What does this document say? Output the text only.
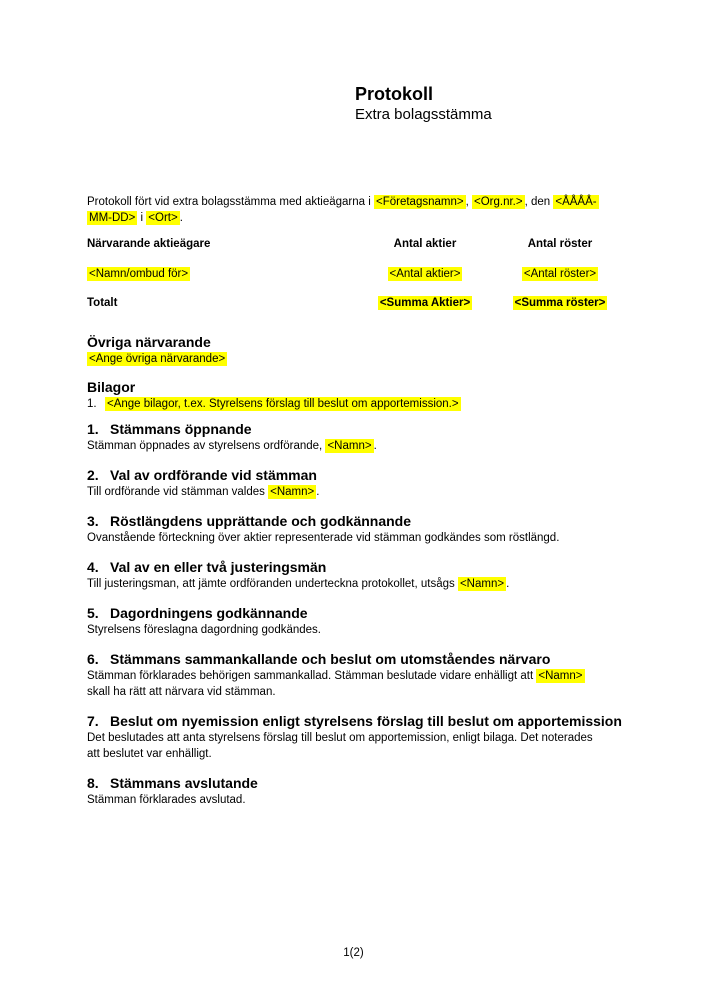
Protokoll
Extra bolagsstämma

Protokoll fört vid extra bolagsstämma med aktieägarna i <Företagsnamn> , <Org.nr.> , den <ÅÅÅÅ-
MM-DD> i <Ort> .

Närvarande aktieägare	Antal aktier	Antal röster
<Namn/ombud för>	<Antal aktier>	<Antal röster>
Totalt	<Summa Aktier>	<Summa röster>
Övriga närvarande
<Ange övriga närvarande>
Bilagor
1. <Ange bilagor, t.ex. Styrelsens förslag till beslut om apportemission.>
1. Stämmans öppnande

Stämman öppnades av styrelsens ordförande, <Namn> .

2. Val av ordförande vid stämman

Till ordförande vid stämman valdes <Namn> .

3. Röstlängdens upprättande och godkännande

Ovanstående förteckning över aktier representerade vid stämman godkändes som röstlängd.

4. Val av en eller två justeringsmän

Till justeringsman, att jämte ordföranden underteckna protokollet, utsågs <Namn> .

5. Dagordningens godkännande

Styrelsens föreslagna dagordning godkändes.

6. Stämmans sammankallande och beslut om utomståendes närvaro

Stämman förklarades behörigen sammankallad. Stämman beslutade vidare enhälligt att <Namn>
skall ha rätt att närvara vid stämman.

7. Beslut om nyemission enligt styrelsens förslag till beslut om apportemission

Det beslutades att anta styrelsens förslag till beslut om apportemission, enligt bilaga. Det noterades
att beslutet var enhälligt.

8. Stämmans avslutande

Stämman förklarades avslutad.

1(2)
